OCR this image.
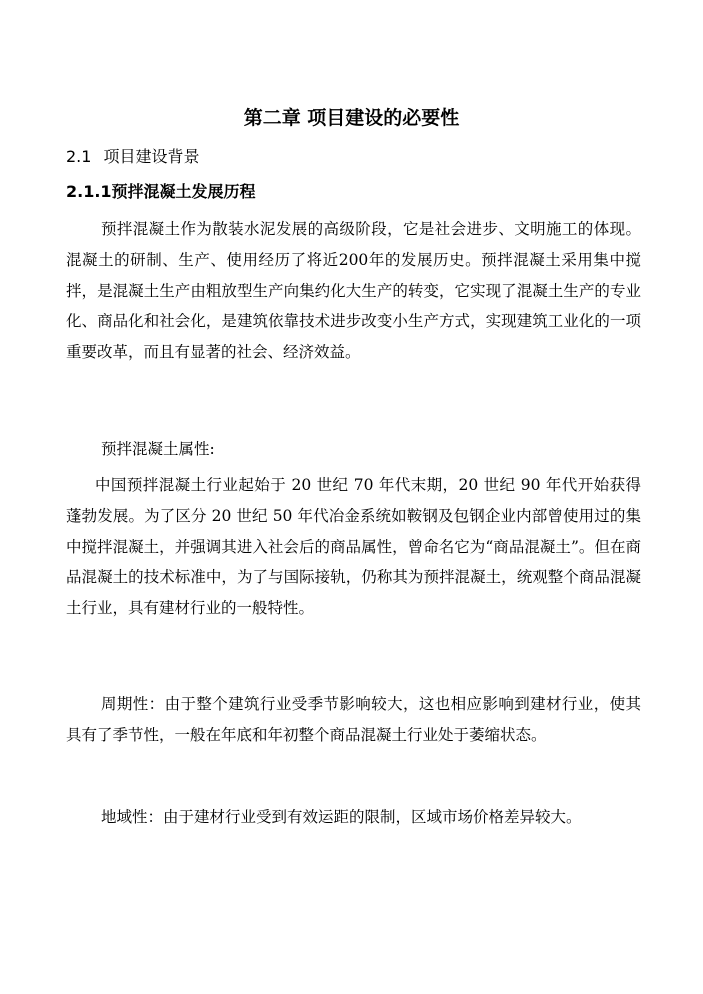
第二章 项目建设的必要性
2.1 项目建设背景
2.1.1预拌混凝土发展历程

预拌混凝土作为散装水泥发展的高级阶段，它是社会进步、文明施工的体现。混凝土的研制、生产、使用经历了将近200年的发展历史。预拌混凝土采用集中搅拌，是混凝土生产由粗放型生产向集约化大生产的转变，它实现了混凝土生产的专业化、商品化和社会化，是建筑依靠技术进步改变小生产方式，实现建筑工业化的一项重要改革，而且有显著的社会、经济效益。

预拌混凝土属性:

中国预拌混凝土行业起始于 20 世纪 70 年代末期，20 世纪 90 年代开始获得蓬勃发展。为了区分 20 世纪 50 年代冶金系统如鞍钢及包钢企业内部曾使用过的集中搅拌混凝土，并强调其进入社会后的商品属性，曾命名它为“商品混凝土”。但在商品混凝土的技术标准中，为了与国际接轨，仍称其为预拌混凝土，统观整个商品混凝土行业，具有建材行业的一般特性。

周期性：由于整个建筑行业受季节影响较大，这也相应影响到建材行业，使其具有了季节性，一般在年底和年初整个商品混凝土行业处于萎缩状态。

地域性：由于建材行业受到有效运距的限制，区域市场价格差异较大。
